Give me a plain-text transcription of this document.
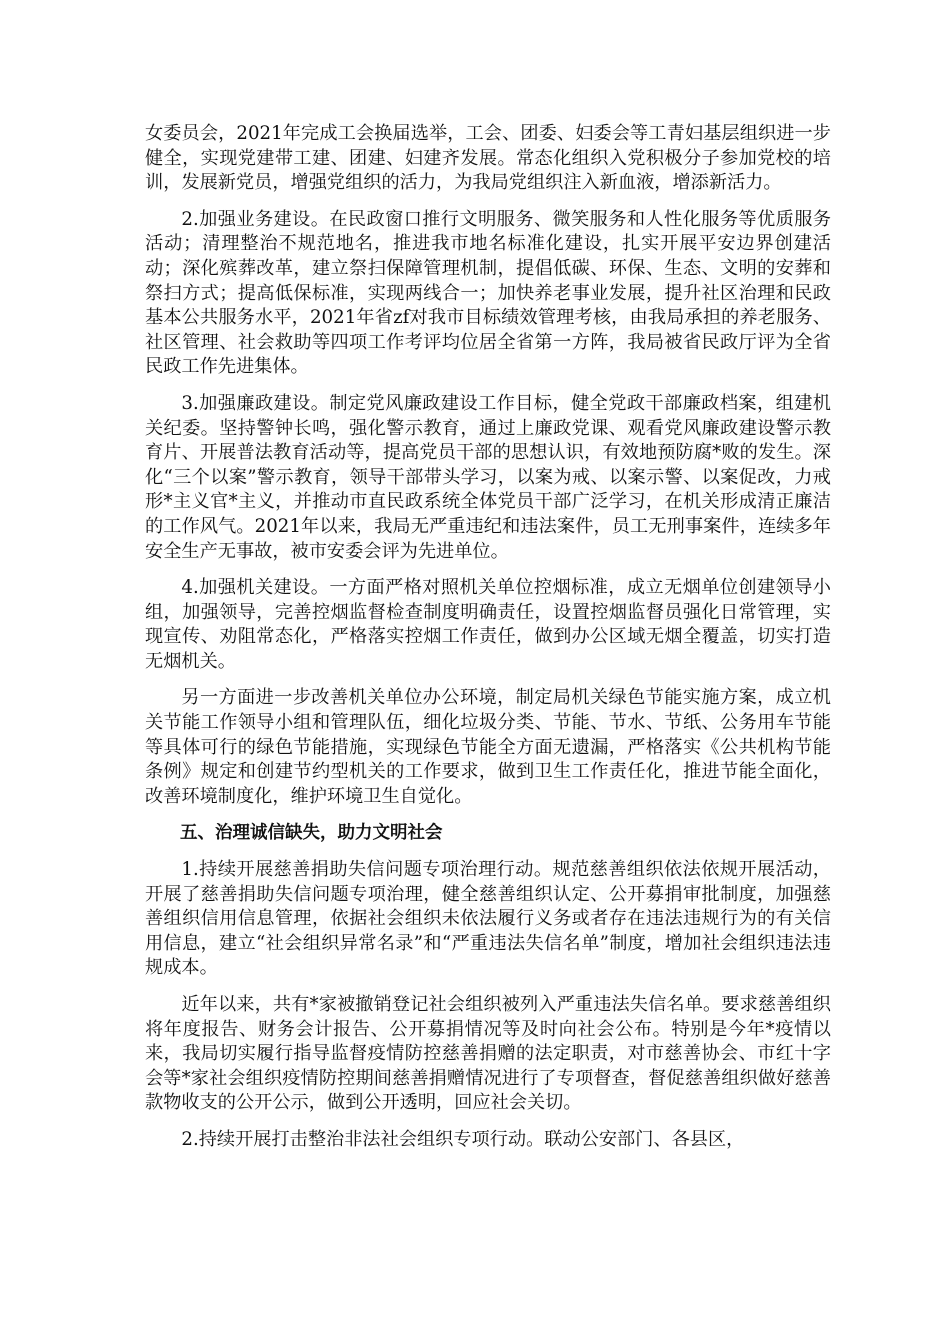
女委员会，2021年完成工会换届选举，工会、团委、妇委会等工青妇基层组织进一步健全，实现党建带工建、团建、妇建齐发展。常态化组织入党积极分子参加党校的培训，发展新党员，增强党组织的活力，为我局党组织注入新血液，增添新活力。

2.加强业务建设。在民政窗口推行文明服务、微笑服务和人性化服务等优质服务活动；清理整治不规范地名，推进我市地名标准化建设，扎实开展平安边界创建活动；深化殡葬改革，建立祭扫保障管理机制，提倡低碳、环保、生态、文明的安葬和祭扫方式；提高低保标准，实现两线合一；加快养老事业发展，提升社区治理和民政基本公共服务水平，2021年省zf对我市目标绩效管理考核，由我局承担的养老服务、社区管理、社会救助等四项工作考评均位居全省第一方阵，我局被省民政厅评为全省民政工作先进集体。

3.加强廉政建设。制定党风廉政建设工作目标，健全党政干部廉政档案，组建机关纪委。坚持警钟长鸣，强化警示教育，通过上廉政党课、观看党风廉政建设警示教育片、开展普法教育活动等，提高党员干部的思想认识，有效地预防腐*败的发生。深化“三个以案”警示教育，领导干部带头学习，以案为戒、以案示警、以案促改，力戒形*主义官*主义，并推动市直民政系统全体党员干部广泛学习，在机关形成清正廉洁的工作风气。2021年以来，我局无严重违纪和违法案件，员工无刑事案件，连续多年安全生产无事故，被市安委会评为先进单位。

4.加强机关建设。一方面严格对照机关单位控烟标准，成立无烟单位创建领导小组，加强领导，完善控烟监督检查制度明确责任，设置控烟监督员强化日常管理，实现宣传、劝阻常态化，严格落实控烟工作责任，做到办公区域无烟全覆盖，切实打造无烟机关。

另一方面进一步改善机关单位办公环境，制定局机关绿色节能实施方案，成立机关节能工作领导小组和管理队伍，细化垃圾分类、节能、节水、节纸、公务用车节能等具体可行的绿色节能措施，实现绿色节能全方面无遗漏，严格落实《公共机构节能条例》规定和创建节约型机关的工作要求，做到卫生工作责任化，推进节能全面化，改善环境制度化，维护环境卫生自觉化。

五、治理诚信缺失，助力文明社会

1.持续开展慈善捐助失信问题专项治理行动。规范慈善组织依法依规开展活动，开展了慈善捐助失信问题专项治理，健全慈善组织认定、公开募捐审批制度，加强慈善组织信用信息管理，依据社会组织未依法履行义务或者存在违法违规行为的有关信用信息，建立“社会组织异常名录”和“严重违法失信名单”制度，增加社会组织违法违规成本。

近年以来，共有*家被撤销登记社会组织被列入严重违法失信名单。要求慈善组织将年度报告、财务会计报告、公开募捐情况等及时向社会公布。特别是今年*疫情以来，我局切实履行指导监督疫情防控慈善捐赠的法定职责，对市慈善协会、市红十字会等*家社会组织疫情防控期间慈善捐赠情况进行了专项督查，督促慈善组织做好慈善款物收支的公开公示，做到公开透明，回应社会关切。

2.持续开展打击整治非法社会组织专项行动。联动公安部门、各县区，
